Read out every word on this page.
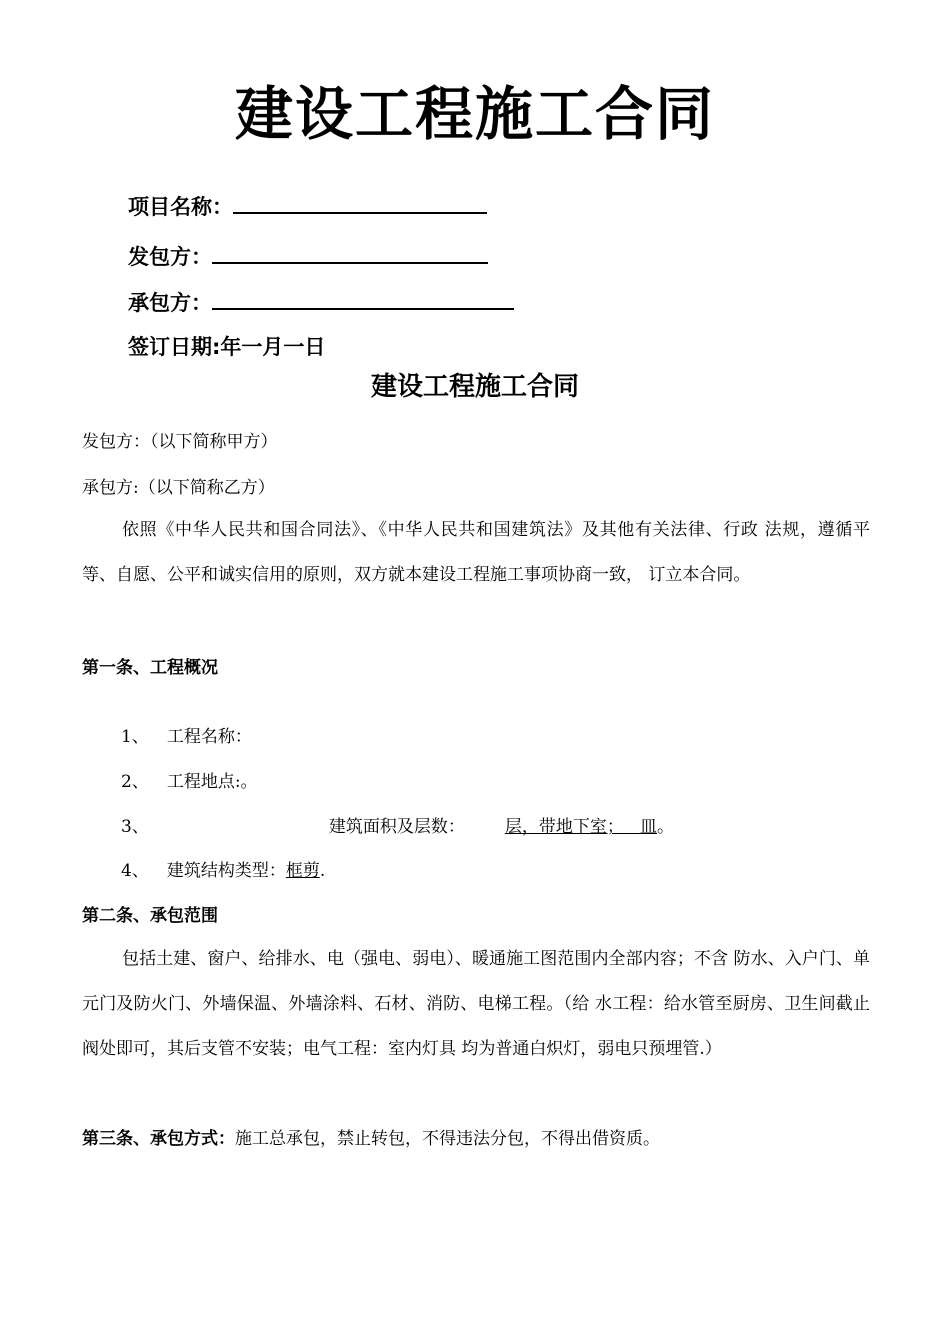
建设工程施工合同
项目名称：
发包方：
承包方：
签订日期:年一月一日
建设工程施工合同
发包方：（以下简称甲方）
承包方:（以下简称乙方）

依照《中华人民共和国合同法》、《中华人民共和国建筑法》及其他有关法律、行政 法规，遵循平等、自愿、公平和诚实信用的原则，双方就本建设工程施工事项协商一致， 订立本合同。

第一条、工程概况
1、 工程名称：
2、 工程地点:。
3、	建筑面积及层数： 层，带地下室；   皿。
4、 建筑结构类型：框剪.
第二条、承包范围

包括土建、窗户、给排水、电（强电、弱电）、暖通施工图范围内全部内容；不含 防水、入户门、单元门及防火门、外墙保温、外墙涂料、石材、消防、电梯工程。（给 水工程：给水管至厨房、卫生间截止阀处即可，其后支管不安装；电气工程：室内灯具 均为普通白炽灯，弱电只预埋管.）

第三条、承包方式：施工总承包，禁止转包，不得违法分包，不得出借资质。
